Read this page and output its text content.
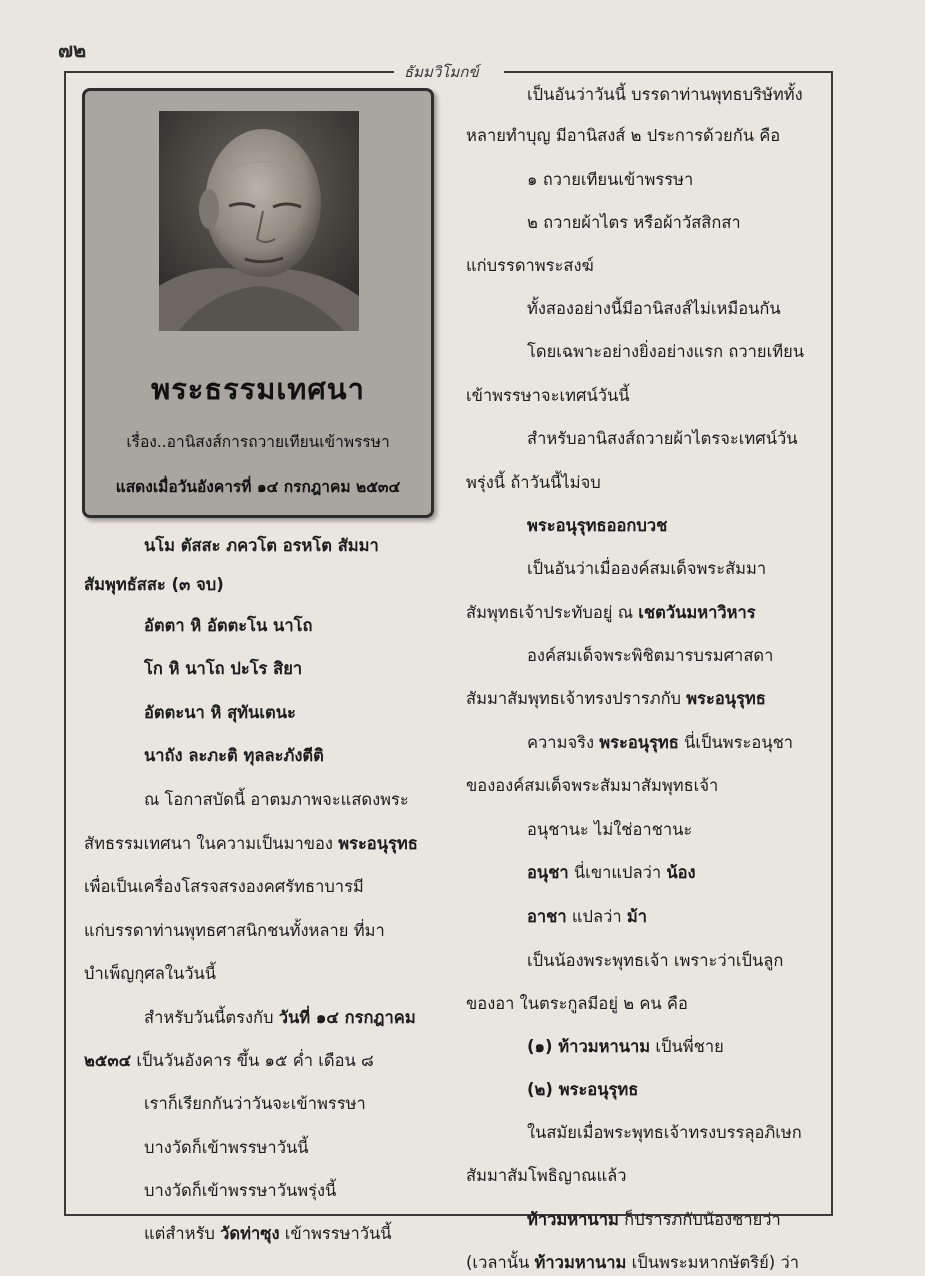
๗๒
ธัมมวิโมกข์
พระธรรมเทศนา
เรื่อง..อานิสงส์การถวายเทียนเข้าพรรษา
แสดงเมื่อวันอังคารที่ ๑๔ กรกฎาคม ๒๕๓๔
นโม ตัสสะ ภควโต อรหโต สัมมา
สัมพุทธัสสะ (๓ จบ)
อัตตา หิ อัตตะโน นาโถ
โก หิ นาโถ ปะโร สิยา
อัตตะนา หิ สุทันเตนะ
นาถัง ละภะติ ทุลละภังตีติ
ณ โอกาสบัดนี้ อาตมภาพจะแสดงพระ
สัทธรรมเทศนา ในความเป็นมาของ พระอนุรุทธ
เพื่อเป็นเครื่องโสรจสรงองคศรัทธาบารมี
แก่บรรดาท่านพุทธศาสนิกชนทั้งหลาย ที่มา
บำเพ็ญกุศลในวันนี้
สำหรับวันนี้ตรงกับ วันที่ ๑๔ กรกฎาคม
๒๕๓๔ เป็นวันอังคาร ขึ้น ๑๕ ค่ำ เดือน ๘
เราก็เรียกกันว่าวันจะเข้าพรรษา
บางวัดก็เข้าพรรษาวันนี้
บางวัดก็เข้าพรรษาวันพรุ่งนี้
แต่สำหรับ วัดท่าซุง เข้าพรรษาวันนี้
เป็นอันว่าวันนี้ บรรดาท่านพุทธบริษัททั้ง
หลายทำบุญ มีอานิสงส์ ๒ ประการด้วยกัน คือ
๑ ถวายเทียนเข้าพรรษา
๒ ถวายผ้าไตร หรือผ้าวัสสิกสา
แก่บรรดาพระสงฆ์
ทั้งสองอย่างนี้มีอานิสงส์ไม่เหมือนกัน
โดยเฉพาะอย่างยิ่งอย่างแรก ถวายเทียน
เข้าพรรษาจะเทศน์วันนี้
สำหรับอานิสงส์ถวายผ้าไตรจะเทศน์วัน
พรุ่งนี้ ถ้าวันนี้ไม่จบ
พระอนุรุทธออกบวช
เป็นอันว่าเมื่อองค์สมเด็จพระสัมมา
สัมพุทธเจ้าประทับอยู่ ณ เชตวันมหาวิหาร
องค์สมเด็จพระพิชิตมารบรมศาสดา
สัมมาสัมพุทธเจ้าทรงปรารภกับ พระอนุรุทธ
ความจริง พระอนุรุทธ นี่เป็นพระอนุชา
ขององค์สมเด็จพระสัมมาสัมพุทธเจ้า
อนุชานะ ไม่ใช่อาชานะ
อนุชา นี่เขาแปลว่า น้อง
อาชา แปลว่า ม้า
เป็นน้องพระพุทธเจ้า เพราะว่าเป็นลูก
ของอา ในตระกูลมีอยู่ ๒ คน คือ
(๑) ท้าวมหานาม เป็นพี่ชาย
(๒) พระอนุรุทธ
ในสมัยเมื่อพระพุทธเจ้าทรงบรรลุอภิเษก
สัมมาสัมโพธิญาณแล้ว
ท้าวมหานาม ก็ปรารภกับน้องชายว่า
(เวลานั้น ท้าวมหานาม เป็นพระมหากษัตริย์) ว่า
